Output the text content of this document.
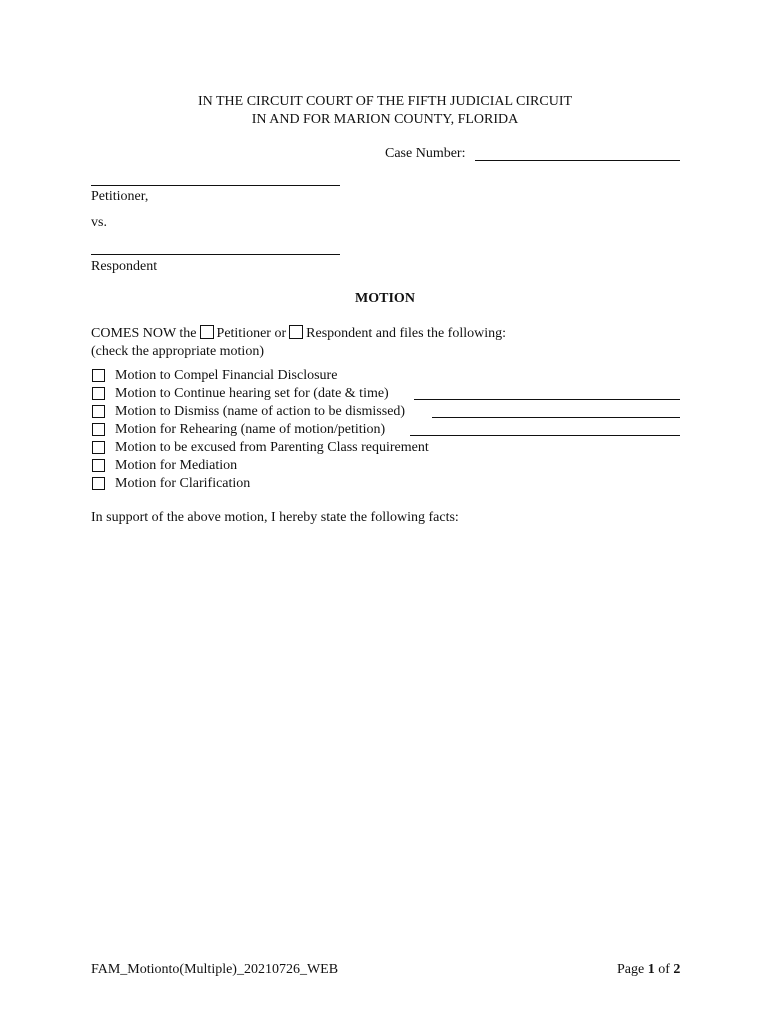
IN THE CIRCUIT COURT OF THE FIFTH JUDICIAL CIRCUIT
IN AND FOR MARION COUNTY, FLORIDA
Case Number:
Petitioner,
vs.
Respondent
MOTION
COMES NOW the Petitioner or Respondent and files the following:
(check the appropriate motion)
Motion to Compel Financial Disclosure
Motion to Continue hearing set for (date & time)
Motion to Dismiss (name of action to be dismissed)
Motion for Rehearing (name of motion/petition)
Motion to be excused from Parenting Class requirement
Motion for Mediation
Motion for Clarification
In support of the above motion, I hereby state the following facts:
FAM_Motionto(Multiple)_20210726_WEB	Page 1 of 2
